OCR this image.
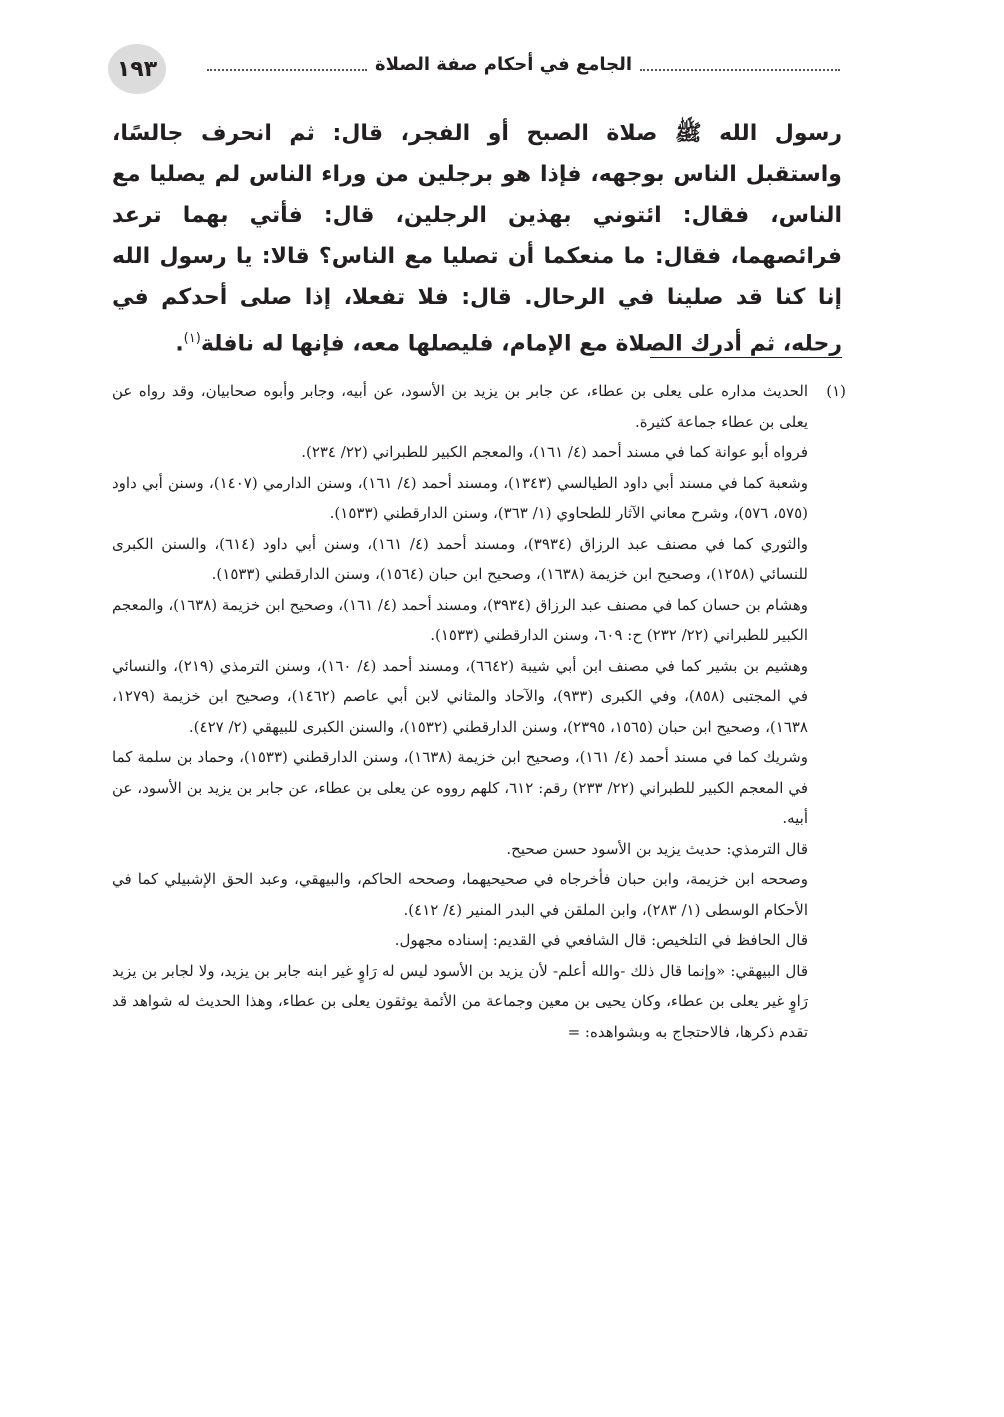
١٩٣	الجامع في أحكام صفة الصلاة

رسول الله ﷺ صلاة الصبح أو الفجر، قال: ثم انحرف جالسًا، واستقبل الناس بوجهه، فإذا هو برجلين من وراء الناس لم يصليا مع الناس، فقال: ائتوني بهذين الرجلين، قال: فأتي بهما ترعد فرائصهما، فقال: ما منعكما أن تصليا مع الناس؟ قالا: يا رسول الله إنا كنا قد صلينا في الرحال. قال: فلا تفعلا، إذا صلى أحدكم في رحله، ثم أدرك الصلاة مع الإمام، فليصلها معه، فإنها له نافلة$^{(١)}$.

(١)

الحديث مداره على يعلى بن عطاء، عن جابر بن يزيد بن الأسود، عن أبيه، وجابر وأبوه صحابيان، وقد رواه عن يعلى بن عطاء جماعة كثيرة.

فرواه أبو عوانة كما في مسند أحمد (٤/ ١٦١)، والمعجم الكبير للطبراني (٢٢/ ٢٣٤).

وشعبة كما في مسند أبي داود الطيالسي (١٣٤٣)، ومسند أحمد (٤/ ١٦١)، وسنن الدارمي (١٤٠٧)، وسنن أبي داود (٥٧٥، ٥٧٦)، وشرح معاني الآثار للطحاوي (١/ ٣٦٣)، وسنن الدارقطني (١٥٣٣).

والثوري كما في مصنف عبد الرزاق (٣٩٣٤)، ومسند أحمد (٤/ ١٦١)، وسنن أبي داود (٦١٤)، والسنن الكبرى للنسائي (١٢٥٨)، وصحيح ابن خزيمة (١٦٣٨)، وصحيح ابن حبان (١٥٦٤)، وسنن الدارقطني (١٥٣٣).

وهشام بن حسان كما في مصنف عبد الرزاق (٣٩٣٤)، ومسند أحمد (٤/ ١٦١)، وصحيح ابن خزيمة (١٦٣٨)، والمعجم الكبير للطبراني (٢٢/ ٢٣٢) ح: ٦٠٩، وسنن الدارقطني (١٥٣٣).

وهشيم بن بشير كما في مصنف ابن أبي شيبة (٦٦٤٢)، ومسند أحمد (٤/ ١٦٠)، وسنن الترمذي (٢١٩)، والنسائي في المجتبى (٨٥٨)، وفي الكبرى (٩٣٣)، والآحاد والمثاني لابن أبي عاصم (١٤٦٢)، وصحيح ابن خزيمة (١٢٧٩، ١٦٣٨)، وصحيح ابن حبان (١٥٦٥، ٢٣٩٥)، وسنن الدارقطني (١٥٣٢)، والسنن الكبرى للبيهقي (٢/ ٤٢٧).

وشريك كما في مسند أحمد (٤/ ١٦١)، وصحيح ابن خزيمة (١٦٣٨)، وسنن الدارقطني (١٥٣٣)، وحماد بن سلمة كما في المعجم الكبير للطبراني (٢٢/ ٢٣٣) رقم: ٦١٢، كلهم رووه عن يعلى بن عطاء، عن جابر بن يزيد بن الأسود، عن أبيه.

قال الترمذي: حديث يزيد بن الأسود حسن صحيح.

وصححه ابن خزيمة، وابن حبان فأخرجاه في صحيحيهما، وصححه الحاكم، والبيهقي، وعبد الحق الإشبيلي كما في الأحكام الوسطى (١/ ٢٨٣)، وابن الملقن في البدر المنير (٤/ ٤١٢).

قال الحافظ في التلخيص: قال الشافعي في القديم: إسناده مجهول.

قال البيهقي: «وإنما قال ذلك -والله أعلم- لأن يزيد بن الأسود ليس له رَاوٍ غير ابنه جابر بن يزيد، ولا لجابر بن يزيد رَاوٍ غير يعلى بن عطاء، وكان يحيى بن معين وجماعة من الأئمة يوثقون يعلى بن عطاء، وهذا الحديث له شواهد قد تقدم ذكرها، فالاحتجاج به وبشواهده: =
